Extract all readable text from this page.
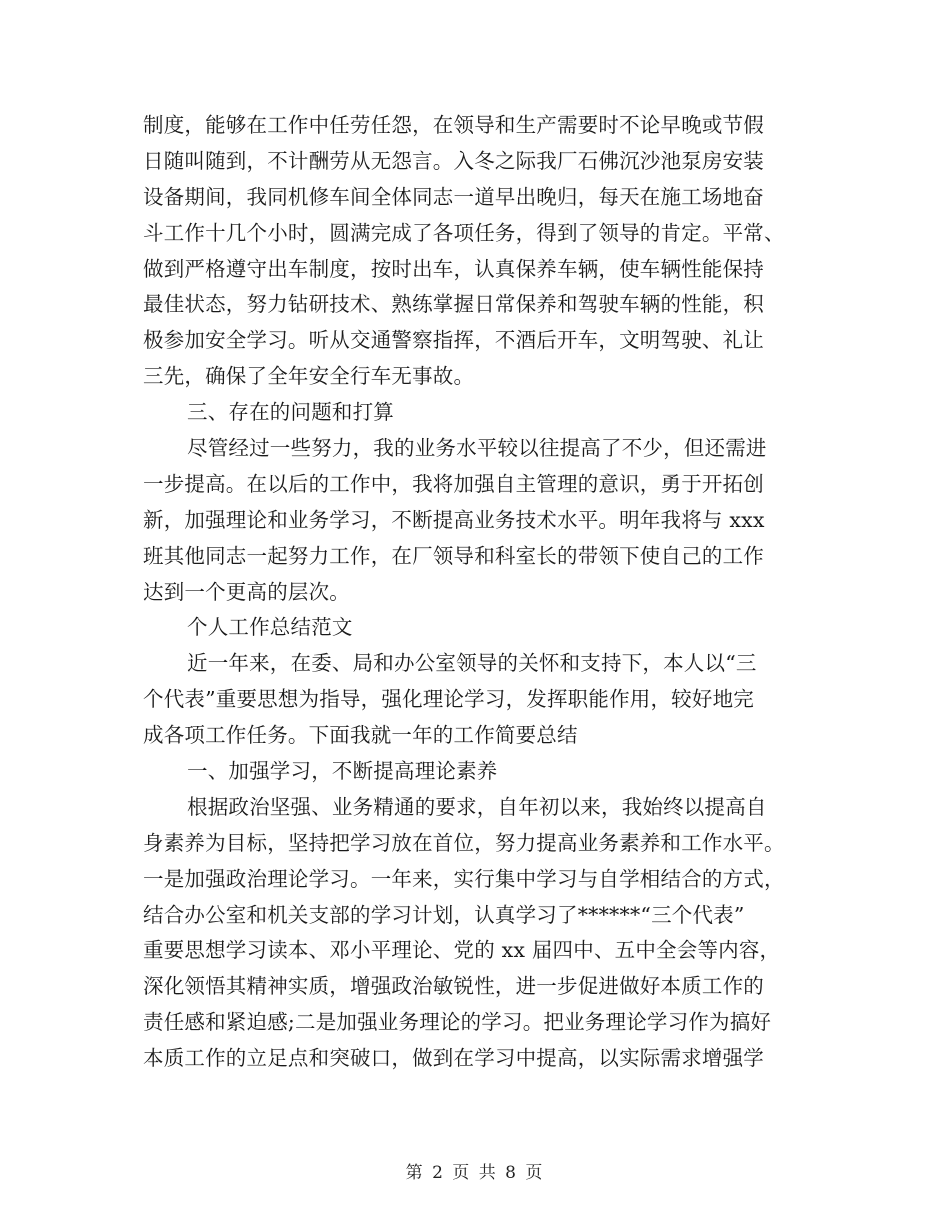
制度，能够在工作中任劳任怨，在领导和生产需要时不论早晚或节假
日随叫随到，不计酬劳从无怨言。入冬之际我厂石佛沉沙池泵房安装
设备期间，我同机修车间全体同志一道早出晚归，每天在施工场地奋
斗工作十几个小时，圆满完成了各项任务，得到了领导的肯定。平常、
做到严格遵守出车制度，按时出车，认真保养车辆，使车辆性能保持
最佳状态，努力钻研技术、熟练掌握日常保养和驾驶车辆的性能，积
极参加安全学习。听从交通警察指挥，不酒后开车，文明驾驶、礼让
三先，确保了全年安全行车无事故。
三、存在的问题和打算
尽管经过一些努力，我的业务水平较以往提高了不少，但还需进
一步提高。在以后的工作中，我将加强自主管理的意识，勇于开拓创
新，加强理论和业务学习，不断提高业务技术水平。明年我将与 xxx
班其他同志一起努力工作，在厂领导和科室长的带领下使自己的工作
达到一个更高的层次。
个人工作总结范文
近一年来，在委、局和办公室领导的关怀和支持下，本人以“三
个代表”重要思想为指导，强化理论学习，发挥职能作用，较好地完
成各项工作任务。下面我就一年的工作简要总结
一、加强学习，不断提高理论素养
根据政治坚强、业务精通的要求，自年初以来，我始终以提高自
身素养为目标，坚持把学习放在首位，努力提高业务素养和工作水平。
一是加强政治理论学习。一年来，实行集中学习与自学相结合的方式，
结合办公室和机关支部的学习计划，认真学习了******“三个代表”
重要思想学习读本、邓小平理论、党的 xx 届四中、五中全会等内容，
深化领悟其精神实质，增强政治敏锐性，进一步促进做好本质工作的
责任感和紧迫感;二是加强业务理论的学习。把业务理论学习作为搞好
本质工作的立足点和突破口，做到在学习中提高，以实际需求增强学
第 2 页 共 8 页
